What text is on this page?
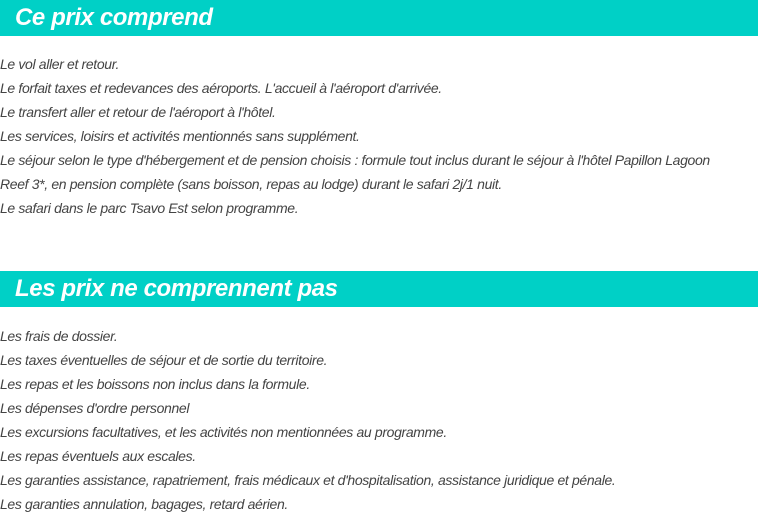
Ce prix comprend
Le vol aller et retour.
Le forfait taxes et redevances des aéroports. L'accueil à l'aéroport d'arrivée.
Le transfert aller et retour de l'aéroport à l'hôtel.
Les services, loisirs et activités mentionnés sans supplément.
Le séjour selon le type d'hébergement et de pension choisis : formule tout inclus durant le séjour à l'hôtel Papillon Lagoon
Reef 3*, en pension complète (sans boisson, repas au lodge) durant le safari 2j/1 nuit.
Le safari dans le parc Tsavo Est selon programme.
Les prix ne comprennent pas
Les frais de dossier.
Les taxes éventuelles de séjour et de sortie du territoire.
Les repas et les boissons non inclus dans la formule.
Les dépenses d'ordre personnel
Les excursions facultatives, et les activités non mentionnées au programme.
Les repas éventuels aux escales.
Les garanties assistance, rapatriement, frais médicaux et d'hospitalisation, assistance juridique et pénale.
Les garanties annulation, bagages, retard aérien.
